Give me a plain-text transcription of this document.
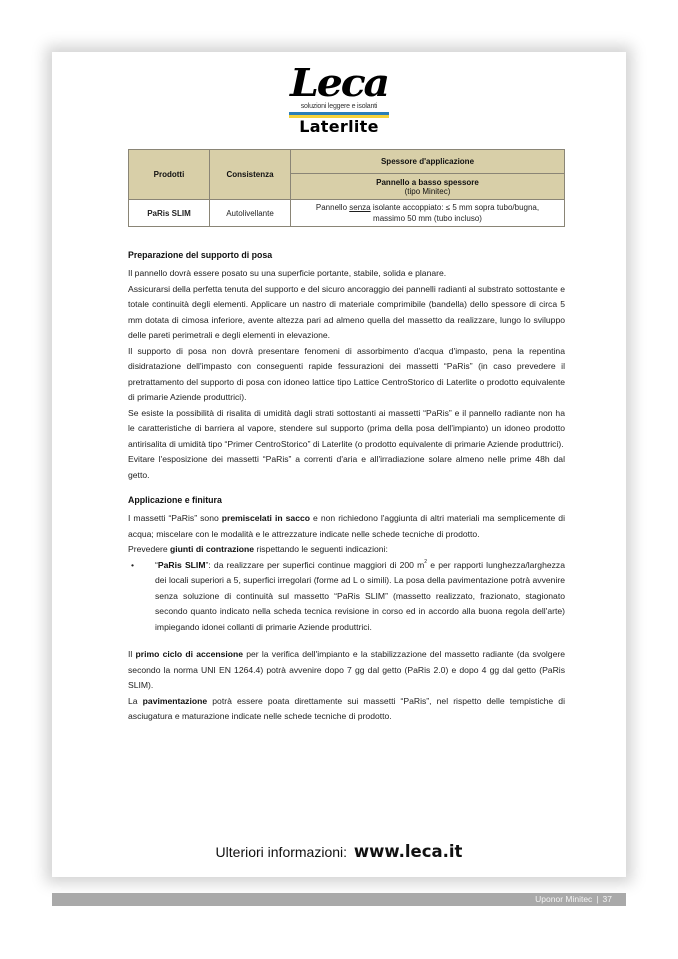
Leca
soluzioni leggere e isolanti
Laterlite
Prodotti	Consistenza	Spessore d'applicazione
		Pannello a basso spessore
(tipo Minitec)

PaRis SLIM	Autolivellante	Pannello senza isolante accoppiato: ≤ 5 mm sopra tubo/bugna,
massimo 50 mm (tubo incluso)
Preparazione del supporto di posa

Il pannello dovrà essere posato su una superficie portante, stabile, solida e planare.

Assicurarsi della perfetta tenuta del supporto e del sicuro ancoraggio dei pannelli radianti al substrato sottostante e totale continuità degli elementi. Applicare un nastro di materiale comprimibile (bandella) dello spessore di circa 5 mm dotata di cimosa inferiore, avente altezza pari ad almeno quella del massetto da realizzare, lungo lo sviluppo delle pareti perimetrali e degli elementi in elevazione.

Il supporto di posa non dovrà presentare fenomeni di assorbimento d'acqua d'impasto, pena la repentina disidratazione dell'impasto con conseguenti rapide fessurazioni dei massetti “PaRis” (in caso prevedere il pretrattamento del supporto di posa con idoneo lattice tipo Lattice CentroStorico di Laterlite o prodotto equivalente di primarie Aziende produttrici).

Se esiste la possibilità di risalita di umidità dagli strati sottostanti ai massetti “PaRis” e il pannello radiante non ha le caratteristiche di barriera al vapore, stendere sul supporto (prima della posa dell'impianto) un idoneo prodotto antirisalita di umidità tipo “Primer CentroStorico” di Laterlite (o prodotto equivalente di primarie Aziende produttrici).

Evitare l'esposizione dei massetti “PaRis” a correnti d'aria e all'irradiazione solare almeno nelle prime 48h dal getto.

Applicazione e finitura

I massetti “PaRis” sono premiscelati in sacco e non richiedono l'aggiunta di altri materiali ma semplicemente di acqua; miscelare con le modalità e le attrezzature indicate nelle schede tecniche di prodotto.

Prevedere giunti di contrazione rispettando le seguenti indicazioni:

• “PaRis SLIM”: da realizzare per superfici continue maggiori di 200 $m^2$ e per rapporti lunghezza/larghezza dei locali superiori a 5, superfici irregolari (forme ad L o simili). La posa della pavimentazione potrà avvenire senza soluzione di continuità sul massetto “PaRis SLIM” (massetto realizzato, frazionato, stagionato secondo quanto indicato nella scheda tecnica revisione in corso ed in accordo alla buona regola dell'arte) impiegando idonei collanti di primarie Aziende produttrici.

Il primo ciclo di accensione per la verifica dell'impianto e la stabilizzazione del massetto radiante (da svolgere secondo la norma UNI EN 1264.4) potrà avvenire dopo 7 gg dal getto (PaRis 2.0) e dopo 4 gg dal getto (PaRis SLIM).

La pavimentazione potrà essere poata direttamente sui massetti “PaRis”, nel rispetto delle tempistiche di asciugatura e maturazione indicate nelle schede tecniche di prodotto.

Ulteriori informazioni: www.leca.it
Uponor Minitec | 37
